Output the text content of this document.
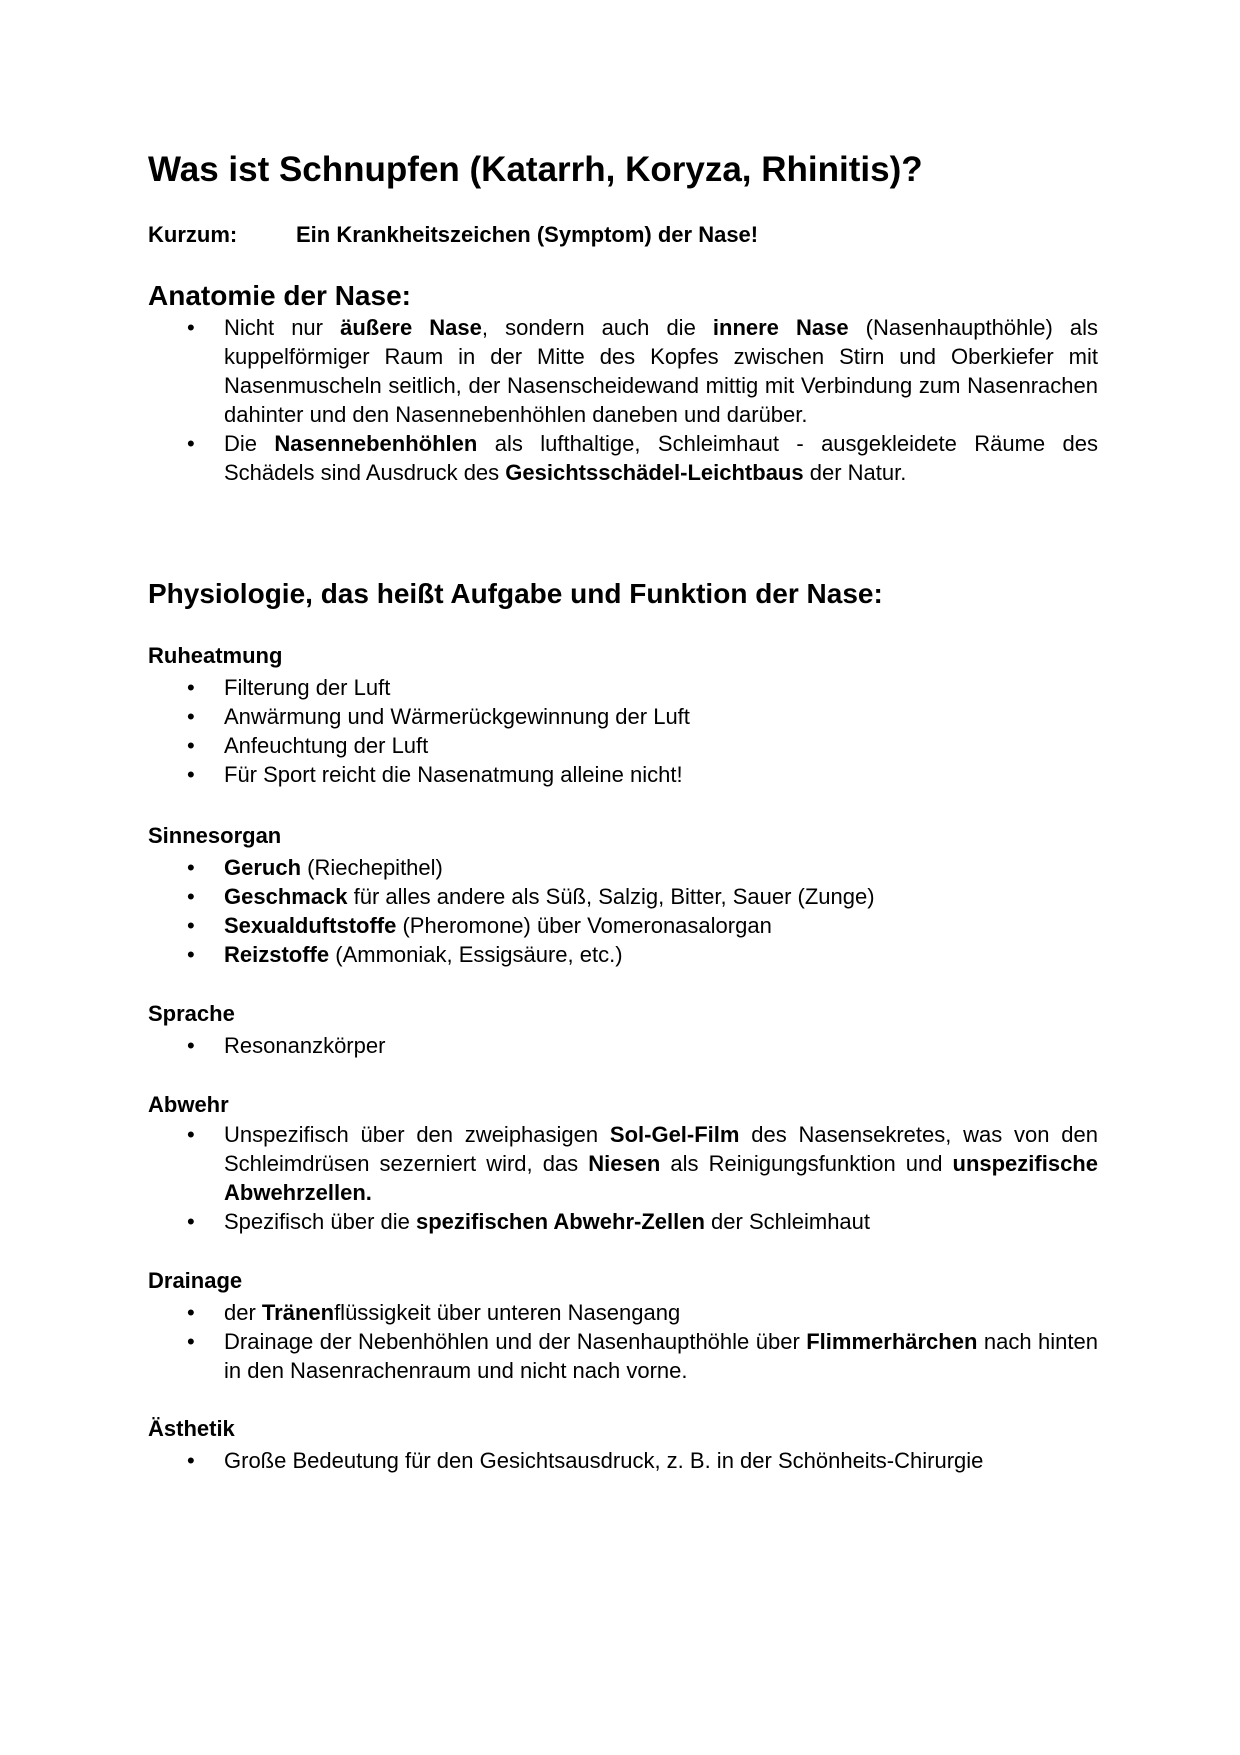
Was ist Schnupfen (Katarrh, Koryza, Rhinitis)?
Kurzum:	Ein Krankheitszeichen (Symptom) der Nase!
Anatomie der Nase:
• Nicht nur äußere Nase, sondern auch die innere Nase (Nasenhaupthöhle) als kuppelförmiger Raum in der Mitte des Kopfes zwischen Stirn und Oberkiefer mit Nasenmuscheln seitlich, der Nasenscheidewand mittig mit Verbindung zum Nasenrachen dahinter und den Nasennebenhöhlen daneben und darüber.
• Die Nasennebenhöhlen als lufthaltige, Schleimhaut - ausgekleidete Räume des Schädels sind Ausdruck des Gesichtsschädel-Leichtbaus der Natur.
Physiologie, das heißt Aufgabe und Funktion der Nase:
Ruheatmung
• Filterung der Luft
• Anwärmung und Wärmerückgewinnung der Luft
• Anfeuchtung der Luft
• Für Sport reicht die Nasenatmung alleine nicht!
Sinnesorgan
• Geruch (Riechepithel)
• Geschmack für alles andere als Süß, Salzig, Bitter, Sauer (Zunge)
• Sexualduftstoffe (Pheromone) über Vomeronasalorgan
• Reizstoffe (Ammoniak, Essigsäure, etc.)
Sprache
• Resonanzkörper
Abwehr
• Unspezifisch über den zweiphasigen Sol-Gel-Film des Nasensekretes, was von den Schleimdrüsen sezerniert wird, das Niesen als Reinigungsfunktion und unspezifische Abwehrzellen.
• Spezifisch über die spezifischen Abwehr-Zellen der Schleimhaut
Drainage
• der Tränenflüssigkeit über unteren Nasengang
• Drainage der Nebenhöhlen und der Nasenhaupthöhle über Flimmerhärchen nach hinten in den Nasenrachenraum und nicht nach vorne.
Ästhetik
• Große Bedeutung für den Gesichtsausdruck, z. B. in der Schönheits-Chirurgie
